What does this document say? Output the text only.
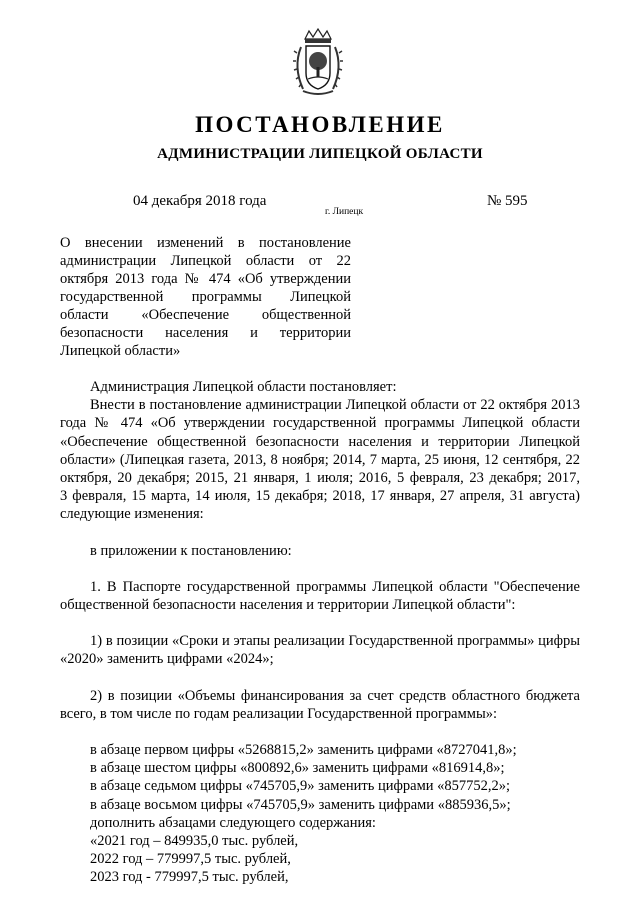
ПОСТАНОВЛЕНИЕ
АДМИНИСТРАЦИИ ЛИПЕЦКОЙ ОБЛАСТИ
04 декабря 2018 года
г. Липецк
№ 595
О внесении изменений в постановление
администрации Липецкой области от 22
октября 2013 года № 474 «Об утверждении
государственной программы Липецкой
области «Обеспечение общественной
безопасности населения и территории
Липецкой области»
Администрация Липецкой области постановляет:
Внести в постановление администрации Липецкой области от 22 октября 2013
года № 474 «Об утверждении государственной программы Липецкой области
«Обеспечение общественной безопасности населения и территории Липецкой
области» (Липецкая газета, 2013, 8 ноября; 2014, 7 марта, 25 июня, 12 сентября, 22
октября, 20 декабря; 2015, 21 января, 1 июля; 2016, 5 февраля, 23 декабря; 2017,
3 февраля, 15 марта, 14 июля, 15 декабря; 2018, 17 января, 27 апреля, 31 августа)
следующие изменения:
в приложении к постановлению:
1. В Паспорте государственной программы Липецкой области "Обеспечение
общественной безопасности населения и территории Липецкой области":
1) в позиции «Сроки и этапы реализации Государственной программы» цифры
«2020» заменить цифрами «2024»;
2) в позиции «Объемы финансирования за счет средств областного бюджета
всего, в том числе по годам реализации Государственной программы»:
в абзаце первом цифры «5268815,2» заменить цифрами «8727041,8»;
в абзаце шестом цифры «800892,6» заменить цифрами «816914,8»;
в абзаце седьмом цифры «745705,9» заменить цифрами «857752,2»;
в абзаце восьмом цифры «745705,9» заменить цифрами «885936,5»;
дополнить абзацами следующего содержания:
«2021 год – 849935,0 тыс. рублей,
2022 год – 779997,5 тыс. рублей,
2023 год - 779997,5 тыс. рублей,
